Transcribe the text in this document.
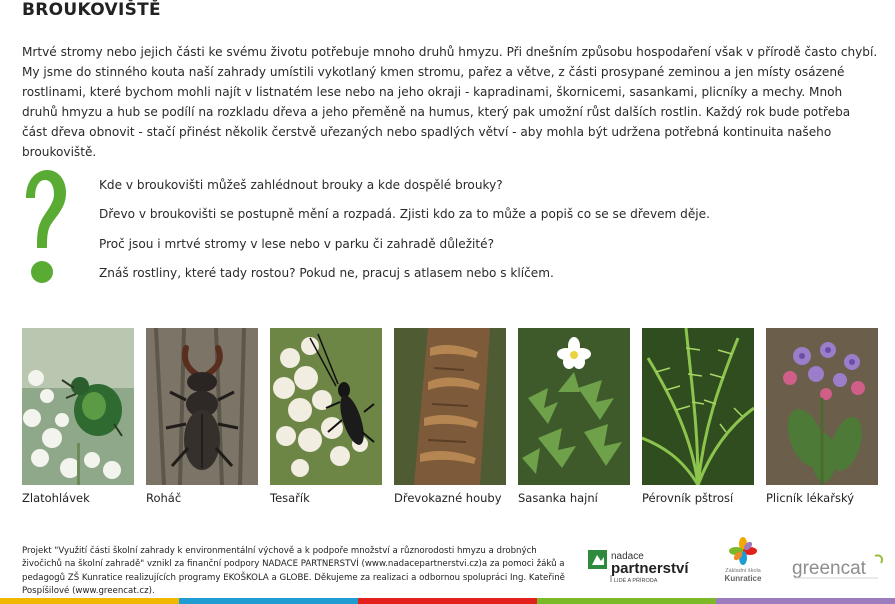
BROUKOVIŠTĚ
Mrtvé stromy nebo jejich části ke svému životu potřebuje mnoho druhů hmyzu. Při dnešním způsobu hospodaření však v přírodě často chybí. My jsme do stinného kouta naší zahrady umístili vykotlaný kmen stromu, pařez a větve, z části prosypané zeminou a jen místy osázené rostlinami, které bychom mohli najít v listnatém lese nebo na jeho okraji - kapradinami, škornicemi, sasankami, plicníky a mechy. Mnoh druhů hmyzu a hub se podílí na rozkladu dřeva a jeho přeměně na humus, který pak umožní růst dalších rostlin. Každý rok bude potřeba část dřeva obnovit - stačí přinést několik čerstvě uřezaných nebo spadlých větví - aby mohla být udržena potřebná kontinuita našeho broukoviště.
Kde v broukovišti můžeš zahlédnout brouky a kde dospělé brouky?
Dřevo v broukovišti se postupně mění a rozpadá. Zjisti kdo za to může a popiš co se se dřevem děje.
Proč jsou i mrtvé stromy v lese nebo v parku či zahradě důležité?
Znáš rostliny, které tady rostou? Pokud ne, pracuj s atlasem nebo s klíčem.
Zlatohlávek	Roháč	Tesařík	Dřevokazné houby Sasanka hajní	Pérovník pštrosí	Plicník lékařský
Projekt "Využití části školní zahrady k environmentální výchově a k podpoře množství a různorodosti hmyzu a drobných živočichů na školní zahradě" vznikl za finanční podpory NADACE PARTNERSTVÍ (www.nadacepartnerstvi.cz)a za pomoci žáků a pedagogů ZŠ Kunratice realizujících programy EKOŠKOLA a GLOBE. Děkujeme za realizaci a odbornou spolupráci Ing. Kateřině Pospíšilové (www.greencat.cz).
nadace
partnerství
LIDÉ A PŘÍRODA
Základní škola
Kunratice greencat
